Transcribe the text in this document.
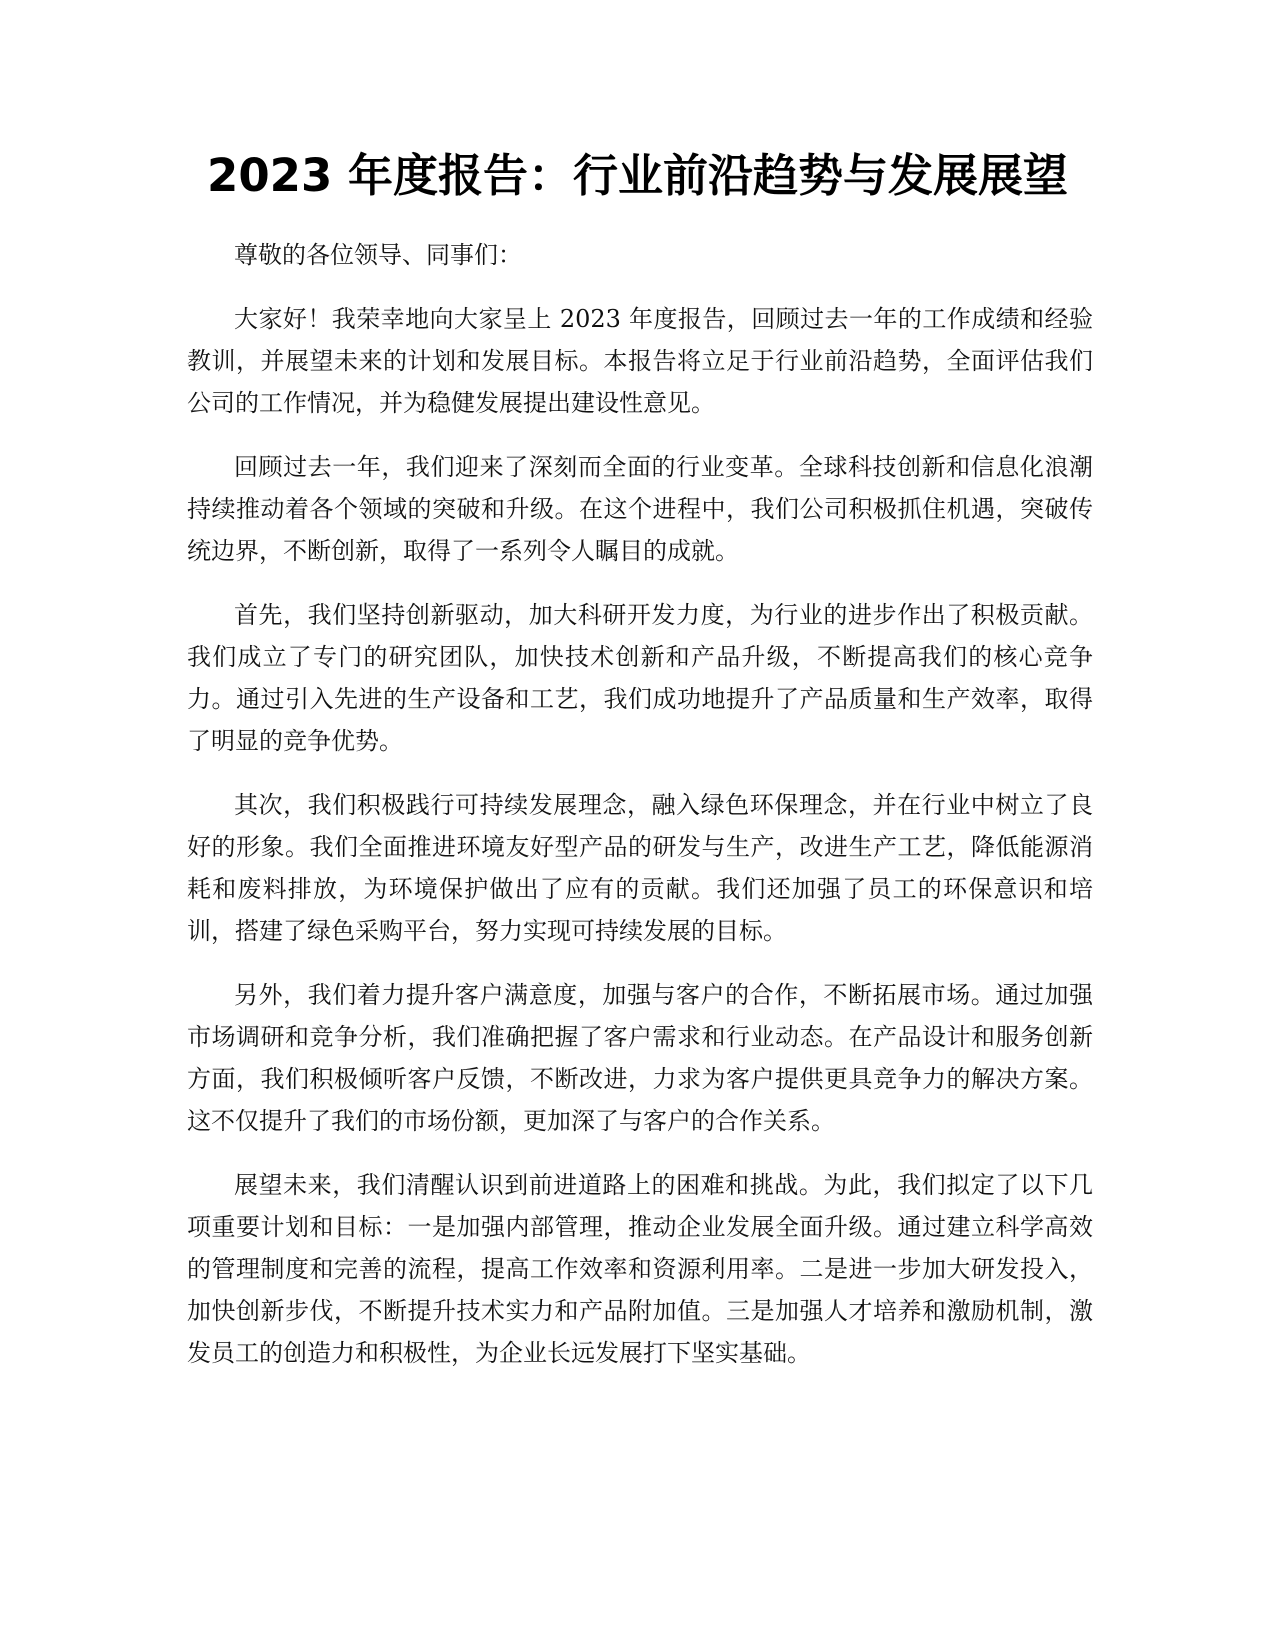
2023 年度报告：行业前沿趋势与发展展望

尊敬的各位领导、同事们：

大家好！我荣幸地向大家呈上 2023 年度报告，回顾过去一年的工作成绩和经验教训，并展望未来的计划和发展目标。本报告将立足于行业前沿趋势，全面评估我们公司的工作情况，并为稳健发展提出建设性意见。

回顾过去一年，我们迎来了深刻而全面的行业变革。全球科技创新和信息化浪潮持续推动着各个领域的突破和升级。在这个进程中，我们公司积极抓住机遇，突破传统边界，不断创新，取得了一系列令人瞩目的成就。

首先，我们坚持创新驱动，加大科研开发力度，为行业的进步作出了积极贡献。我们成立了专门的研究团队，加快技术创新和产品升级，不断提高我们的核心竞争力。通过引入先进的生产设备和工艺，我们成功地提升了产品质量和生产效率，取得了明显的竞争优势。

其次，我们积极践行可持续发展理念，融入绿色环保理念，并在行业中树立了良好的形象。我们全面推进环境友好型产品的研发与生产，改进生产工艺，降低能源消耗和废料排放，为环境保护做出了应有的贡献。我们还加强了员工的环保意识和培训，搭建了绿色采购平台，努力实现可持续发展的目标。

另外，我们着力提升客户满意度，加强与客户的合作，不断拓展市场。通过加强市场调研和竞争分析，我们准确把握了客户需求和行业动态。在产品设计和服务创新方面，我们积极倾听客户反馈，不断改进，力求为客户提供更具竞争力的解决方案。这不仅提升了我们的市场份额，更加深了与客户的合作关系。

展望未来，我们清醒认识到前进道路上的困难和挑战。为此，我们拟定了以下几项重要计划和目标：一是加强内部管理，推动企业发展全面升级。通过建立科学高效的管理制度和完善的流程，提高工作效率和资源利用率。二是进一步加大研发投入，加快创新步伐，不断提升技术实力和产品附加值。三是加强人才培养和激励机制，激发员工的创造力和积极性，为企业长远发展打下坚实基础。
